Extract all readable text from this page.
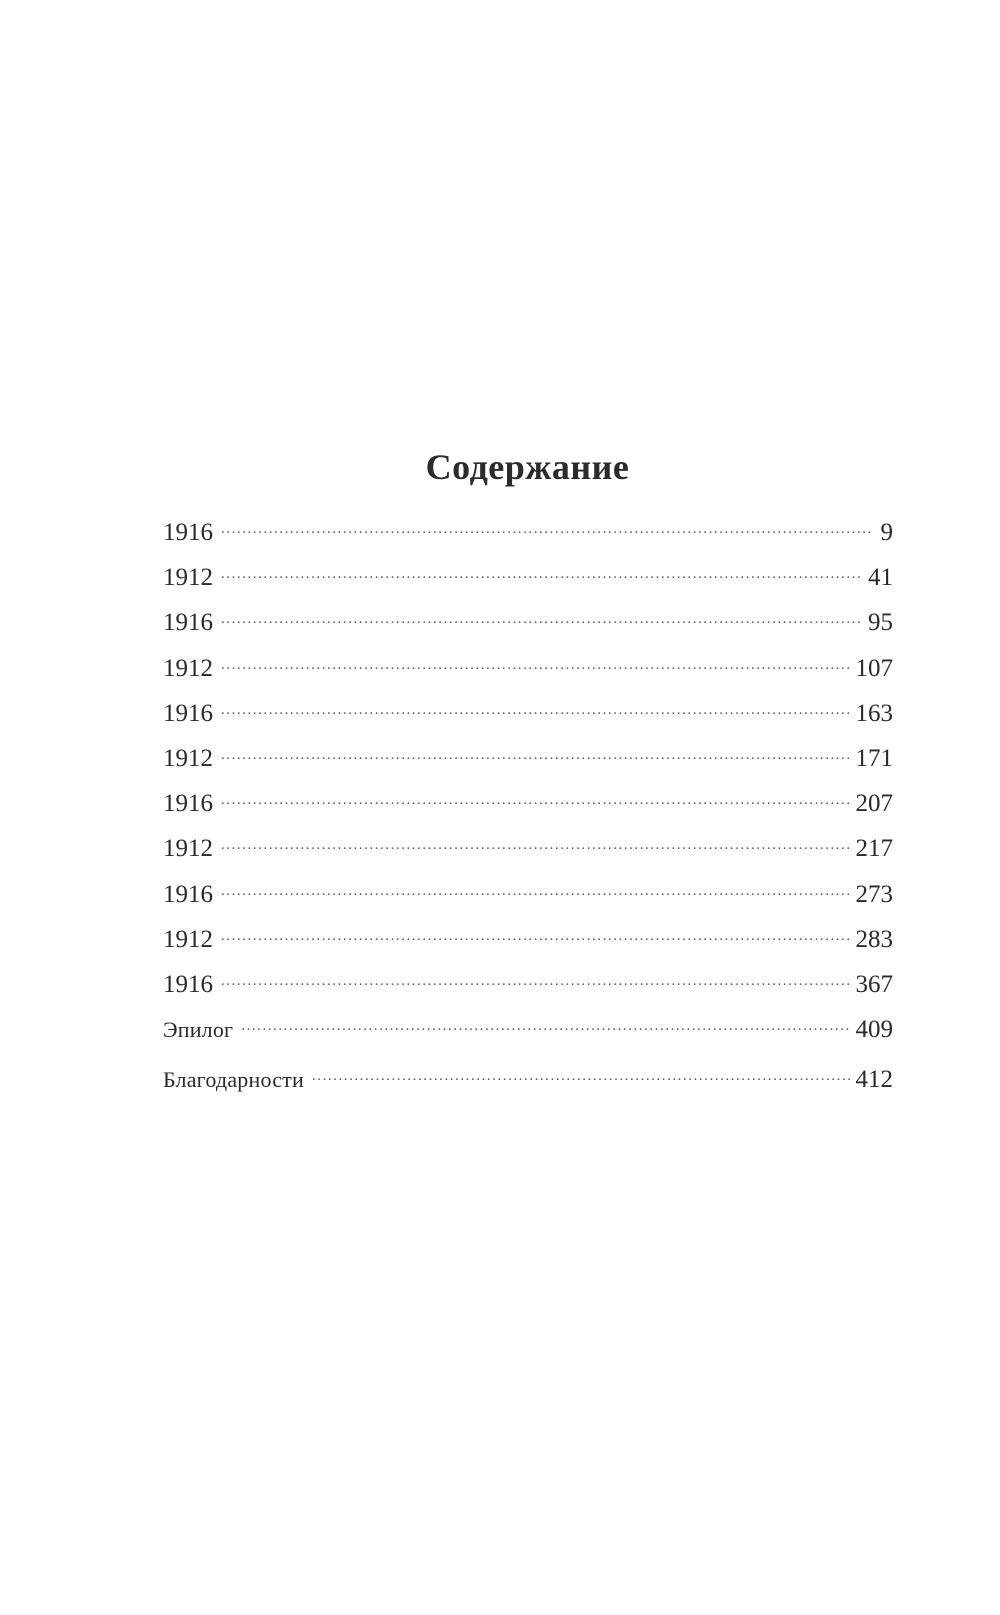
Содержание
1916 . . .	9
1912 . . .	41
1916 . . .	95
1912 . . .	107
1916 . . .	163
1912 . . .	171
1916 . . .	207
1912 . . .	217
1916 . . .	273
1912 . . .	283
1916 . . .	367
Эпилог . . .	409
Благодарности . . .	412
